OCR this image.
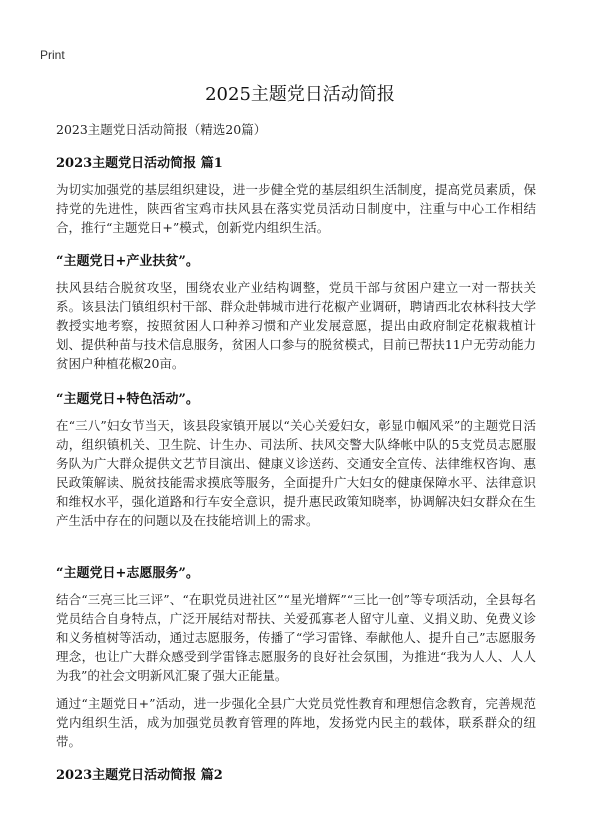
Print
2025主题党日活动简报
2023主题党日活动简报（精选20篇）
2023主题党日活动简报 篇1
为切实加强党的基层组织建设，进一步健全党的基层组织生活制度，提高党员素质，保持党的先进性，陕西省宝鸡市扶风县在落实党员活动日制度中，注重与中心工作相结合，推行“主题党日+”模式，创新党内组织生活。
“主题党日+产业扶贫”。
扶风县结合脱贫攻坚，围绕农业产业结构调整，党员干部与贫困户建立一对一帮扶关系。该县法门镇组织村干部、群众赴韩城市进行花椒产业调研，聘请西北农林科技大学教授实地考察，按照贫困人口种养习惯和产业发展意愿，提出由政府制定花椒栽植计划、提供种苗与技术信息服务，贫困人口参与的脱贫模式，目前已帮扶11户无劳动能力贫困户种植花椒20亩。
“主题党日+特色活动”。
在“三八”妇女节当天，该县段家镇开展以“关心关爱妇女，彰显巾帼风采”的主题党日活动，组织镇机关、卫生院、计生办、司法所、扶风交警大队绛帐中队的5支党员志愿服务队为广大群众提供文艺节目演出、健康义诊送药、交通安全宣传、法律维权咨询、惠民政策解读、脱贫技能需求摸底等服务，全面提升广大妇女的健康保障水平、法律意识和维权水平，强化道路和行车安全意识，提升惠民政策知晓率，协调解决妇女群众在生产生活中存在的问题以及在技能培训上的需求。
“主题党日+志愿服务”。
结合“三亮三比三评”、“在职党员进社区”“星光增辉”“三比一创”等专项活动，全县每名党员结合自身特点，广泛开展结对帮扶、关爱孤寡老人留守儿童、义捐义助、免费义诊和义务植树等活动，通过志愿服务，传播了“学习雷锋、奉献他人、提升自己”志愿服务理念，也让广大群众感受到学雷锋志愿服务的良好社会氛围，为推进“我为人人、人人为我”的社会文明新风汇聚了强大正能量。
通过“主题党日+”活动，进一步强化全县广大党员党性教育和理想信念教育，完善规范党内组织生活，成为加强党员教育管理的阵地，发扬党内民主的载体，联系群众的纽带。
2023主题党日活动简报 篇2
